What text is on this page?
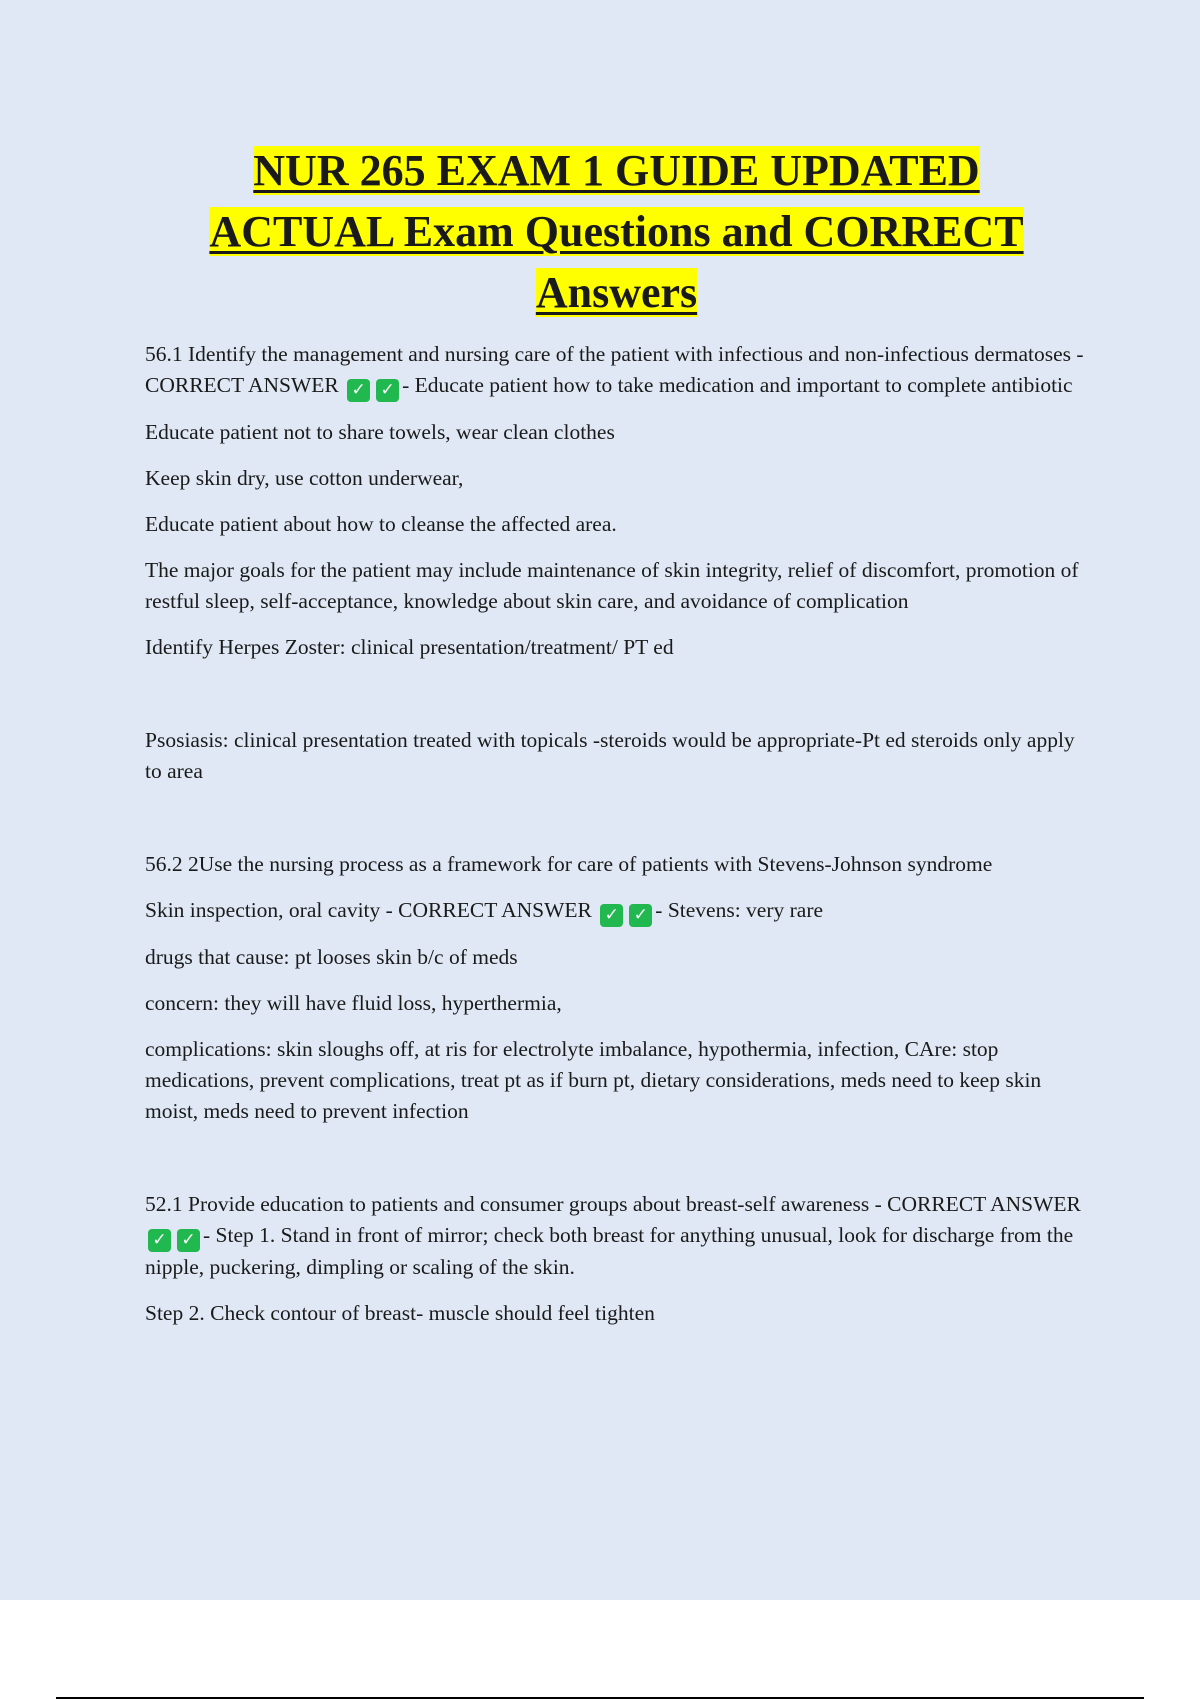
NUR 265 EXAM 1 GUIDE UPDATED
ACTUAL Exam Questions and CORRECT
Answers

56.1 Identify the management and nursing care of the patient with infectious and non-infectious dermatoses - CORRECT ANSWER ✓ ✓ - Educate patient how to take medication and important to complete antibiotic

Educate patient not to share towels, wear clean clothes

Keep skin dry, use cotton underwear,

Educate patient about how to cleanse the affected area.

The major goals for the patient may include maintenance of skin integrity, relief of discomfort, promotion of restful sleep, self-acceptance, knowledge about skin care, and avoidance of complication

Identify Herpes Zoster: clinical presentation/treatment/ PT ed

Psosiasis: clinical presentation treated with topicals -steroids would be appropriate-Pt ed steroids only apply to area

56.2 2Use the nursing process as a framework for care of patients with Stevens-Johnson syndrome

Skin inspection, oral cavity - CORRECT ANSWER ✓ ✓ - Stevens: very rare

drugs that cause: pt looses skin b/c of meds

concern: they will have fluid loss, hyperthermia,

complications: skin sloughs off, at ris for electrolyte imbalance, hypothermia, infection, CAre: stop medications, prevent complications, treat pt as if burn pt, dietary considerations, meds need to keep skin moist, meds need to prevent infection

52.1 Provide education to patients and consumer groups about breast-self awareness - CORRECT ANSWER✓ ✓ - Step 1. Stand in front of mirror; check both breast for anything unusual, look for discharge from the nipple, puckering, dimpling or scaling of the skin.

Step 2. Check contour of breast- muscle should feel tighten
